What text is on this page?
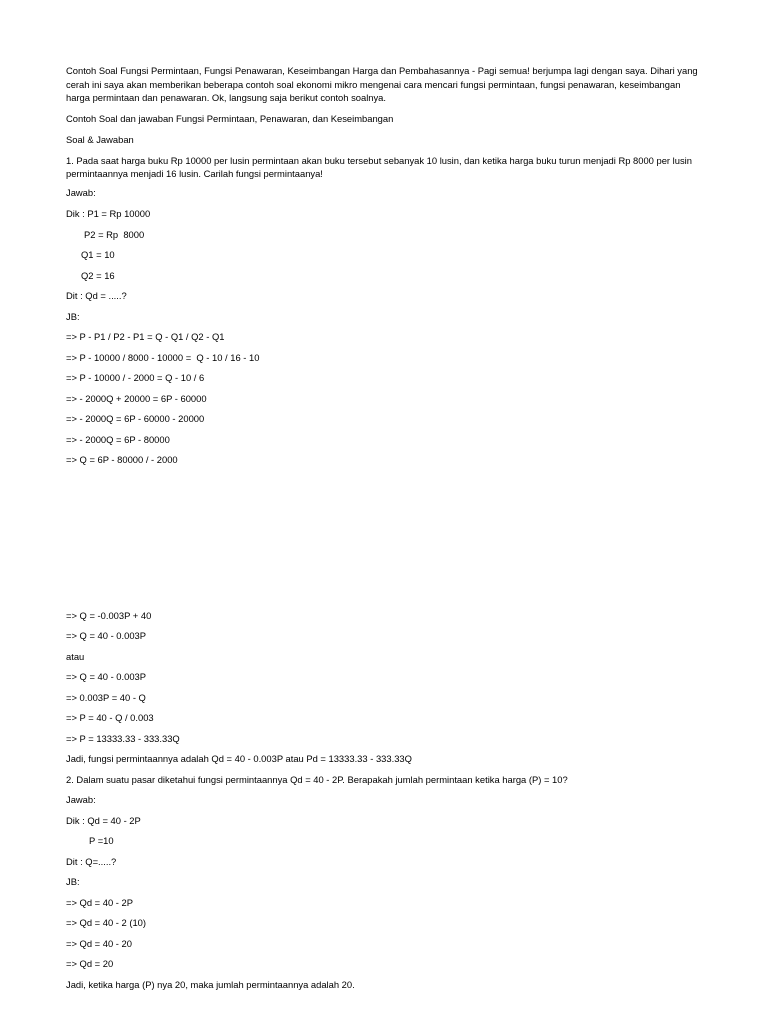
Contoh Soal Fungsi Permintaan, Fungsi Penawaran, Keseimbangan Harga dan Pembahasannya - Pagi semua! berjumpa lagi dengan saya. Dihari yang cerah ini saya akan memberikan beberapa contoh soal ekonomi mikro mengenai cara mencari fungsi permintaan, fungsi penawaran, keseimbangan harga permintaan dan penawaran. Ok, langsung saja berikut contoh soalnya.

Contoh Soal dan jawaban Fungsi Permintaan, Penawaran, dan Keseimbangan

Soal & Jawaban

1. Pada saat harga buku Rp 10000 per lusin permintaan akan buku tersebut sebanyak 10 lusin, dan ketika harga buku turun menjadi Rp 8000 per lusin permintaannya menjadi 16 lusin. Carilah fungsi permintaanya!

Jawab:

Dik : P1 = Rp 10000

P2 = Rp  8000

Q1 = 10

Q2 = 16

Dit : Qd = .....?

JB:

=> P - P1 / P2 - P1 = Q - Q1 / Q2 - Q1

=> P - 10000 / 8000 - 10000 =  Q - 10 / 16 - 10

=> P - 10000 / - 2000 = Q - 10 / 6

=> - 2000Q + 20000 = 6P - 60000

=> - 2000Q = 6P - 60000 - 20000

=> - 2000Q = 6P - 80000

=> Q = 6P - 80000 / - 2000

=> Q = -0.003P + 40

=> Q = 40 - 0.003P

atau

=> Q = 40 - 0.003P

=> 0.003P = 40 - Q

=> P = 40 - Q / 0.003

=> P = 13333.33 - 333.33Q

Jadi, fungsi permintaannya adalah Qd = 40 - 0.003P atau Pd = 13333.33 - 333.33Q

2. Dalam suatu pasar diketahui fungsi permintaannya Qd = 40 - 2P. Berapakah jumlah permintaan ketika harga (P) = 10?

Jawab:

Dik : Qd = 40 - 2P

P =10

Dit : Q=.....?

JB:

=> Qd = 40 - 2P

=> Qd = 40 - 2 (10)

=> Qd = 40 - 20

=> Qd = 20

Jadi, ketika harga (P) nya 20, maka jumlah permintaannya adalah 20.
